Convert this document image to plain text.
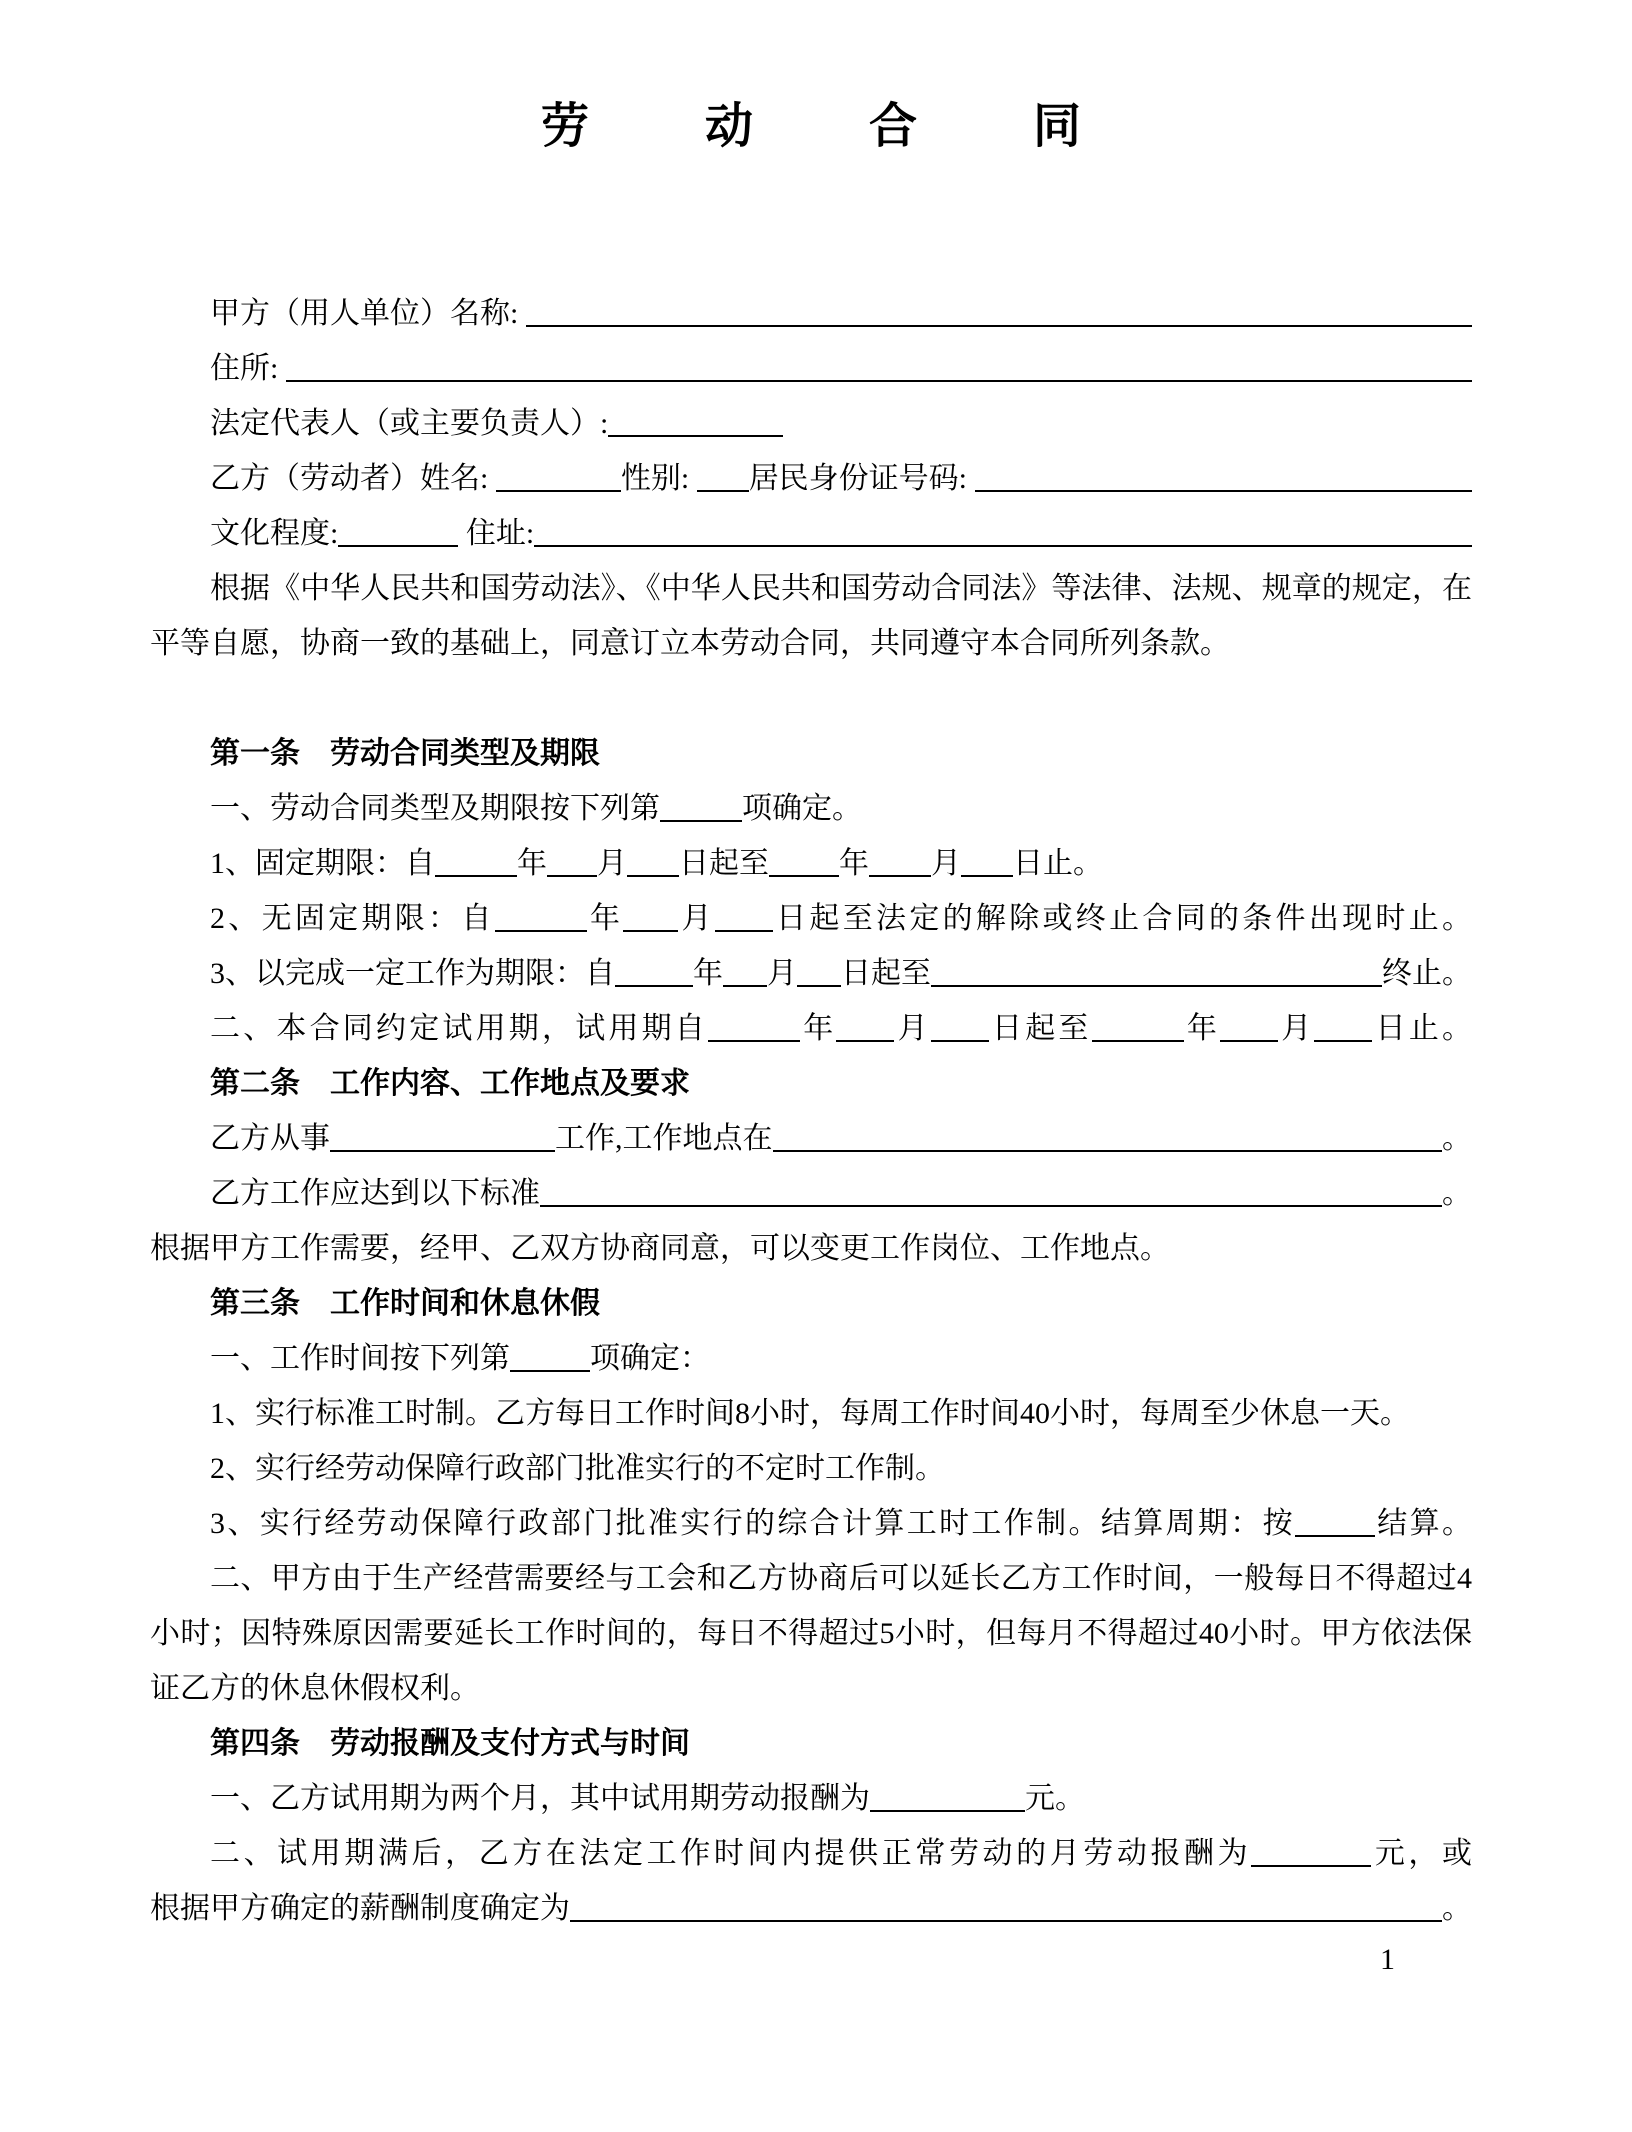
劳 动 合 同
甲方（用人单位）名称:
住所:
法定代表人（或主要负责人）:
乙方（劳动者）姓名:	性别: 居民身份证号码:
文化程度:	住址:
根据《中华人民共和国劳动法》、《中华人民共和国劳动合同法》等法律、法规、规章的规定，在平等自愿，协商一致的基础上，同意订立本劳动合同，共同遵守本合同所列条款。
第一条　劳动合同类型及期限
一、劳动合同类型及期限按下列第	项确定。
1、固定期限：自	年 月 日起至 年 月 日止。
2、无固定期限：自	年 月 日起至法定的解除或终止合同的条件出现时止。
3、以完成一定工作为期限：自	年 月 日起至	终止。
二、本合同约定试用期，试用期自	年 月 日起至	年 月 日止。
第二条　工作内容、工作地点及要求
乙方从事	工作,工作地点在	。
乙方工作应达到以下标准	。
根据甲方工作需要，经甲、乙双方协商同意，可以变更工作岗位、工作地点。
第三条　工作时间和休息休假
一、工作时间按下列第	项确定：
1、实行标准工时制。乙方每日工作时间8小时，每周工作时间40小时，每周至少休息一天。
2、实行经劳动保障行政部门批准实行的不定时工作制。
3、实行经劳动保障行政部门批准实行的综合计算工时工作制。结算周期：按	结算。
二、甲方由于生产经营需要经与工会和乙方协商后可以延长乙方工作时间，一般每日不得超过4小时；因特殊原因需要延长工作时间的，每日不得超过5小时，但每月不得超过40小时。甲方依法保证乙方的休息休假权利。
第四条　劳动报酬及支付方式与时间
一、乙方试用期为两个月，其中试用期劳动报酬为	元。
二、试用期满后，乙方在法定工作时间内提供正常劳动的月劳动报酬为	元，或
根据甲方确定的薪酬制度确定为	。
1
